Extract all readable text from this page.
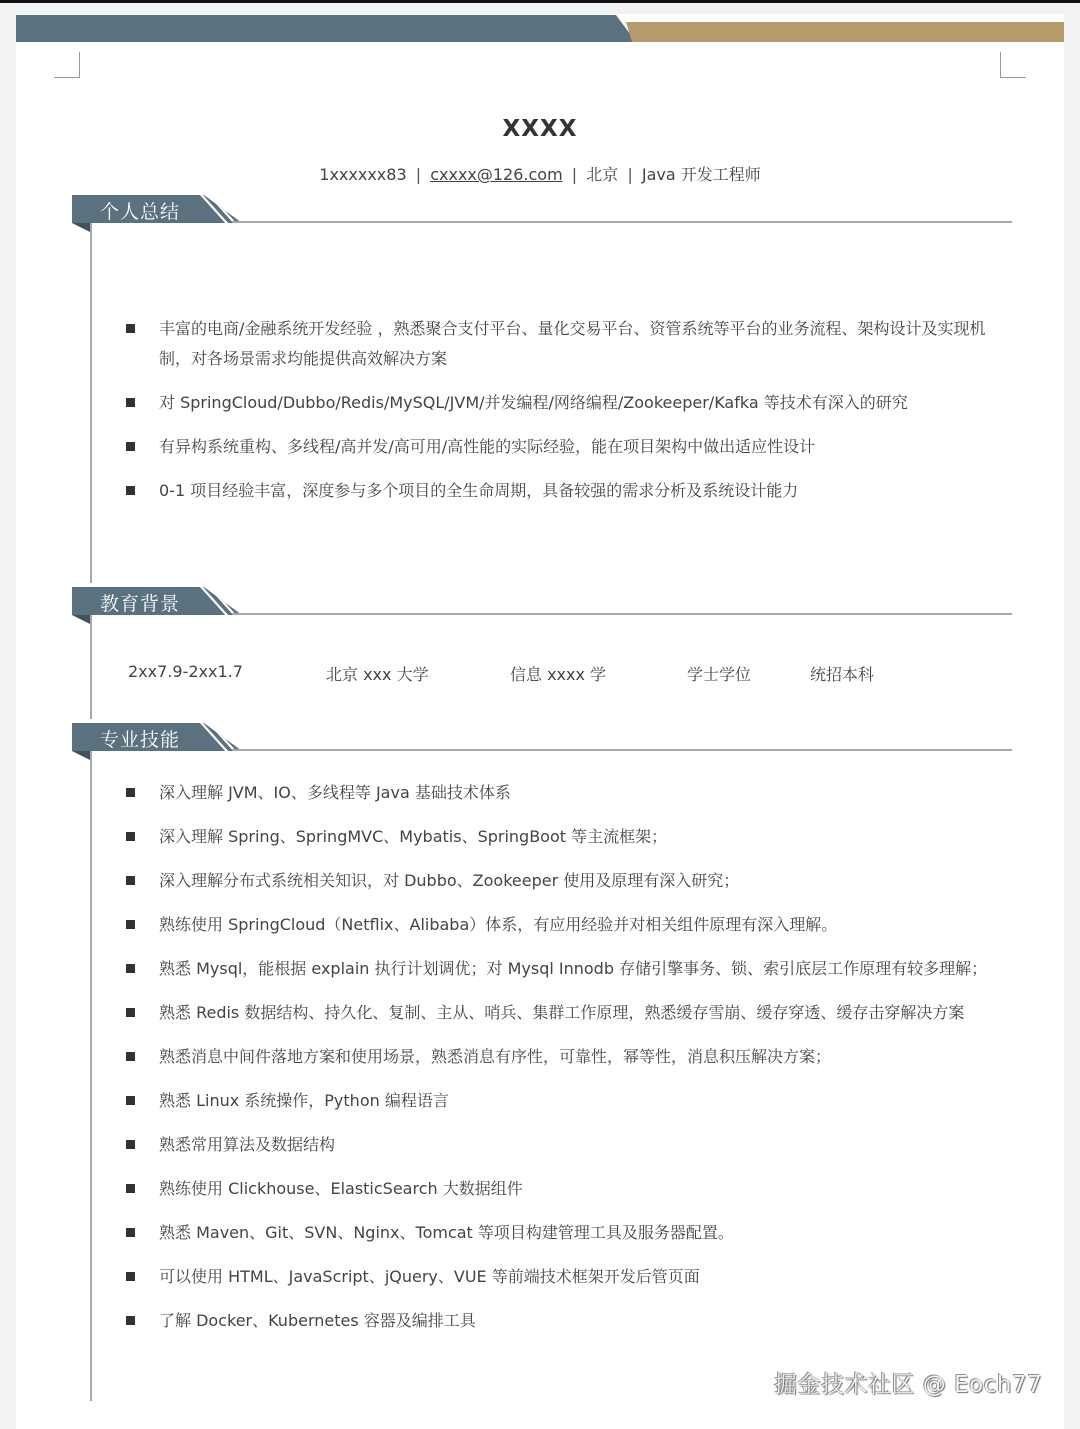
XXXX
1xxxxxx83 | cxxxx@126.com | 北京 | Java 开发工程师
个人总结
丰富的电商/金融系统开发经验 ，熟悉聚合支付平台、量化交易平台、资管系统等平台的业务流程、架构设计及实现机制，对各场景需求均能提供高效解决方案
对 SpringCloud/Dubbo/Redis/MySQL/JVM/并发编程/网络编程/Zookeeper/Kafka 等技术有深入的研究
有异构系统重构、多线程/高并发/高可用/高性能的实际经验，能在项目架构中做出适应性设计
0-1 项目经验丰富，深度参与多个项目的全生命周期，具备较强的需求分析及系统设计能力
教育背景
2xx7.9-2xx1.7	北京 xxx 大学	信息 xxxx 学	学士学位	统招本科
专业技能
深入理解 JVM、IO、多线程等 Java 基础技术体系
深入理解 Spring、SpringMVC、Mybatis、SpringBoot 等主流框架；
深入理解分布式系统相关知识，对 Dubbo、Zookeeper 使用及原理有深入研究；
熟练使用 SpringCloud（Netflix、Alibaba）体系，有应用经验并对相关组件原理有深入理解。
熟悉 Mysql，能根据 explain 执行计划调优；对 Mysql Innodb 存储引擎事务、锁、索引底层工作原理有较多理解；
熟悉 Redis 数据结构、持久化、复制、主从、哨兵、集群工作原理，熟悉缓存雪崩、缓存穿透、缓存击穿解决方案
熟悉消息中间件落地方案和使用场景，熟悉消息有序性，可靠性，幂等性，消息积压解决方案；
熟悉 Linux 系统操作，Python 编程语言
熟悉常用算法及数据结构
熟练使用 Clickhouse、ElasticSearch 大数据组件
熟悉 Maven、Git、SVN、Nginx、Tomcat 等项目构建管理工具及服务器配置。
可以使用 HTML、JavaScript、jQuery、VUE 等前端技术框架开发后管页面
了解 Docker、Kubernetes 容器及编排工具
掘金技术社区 @ Eoch77
